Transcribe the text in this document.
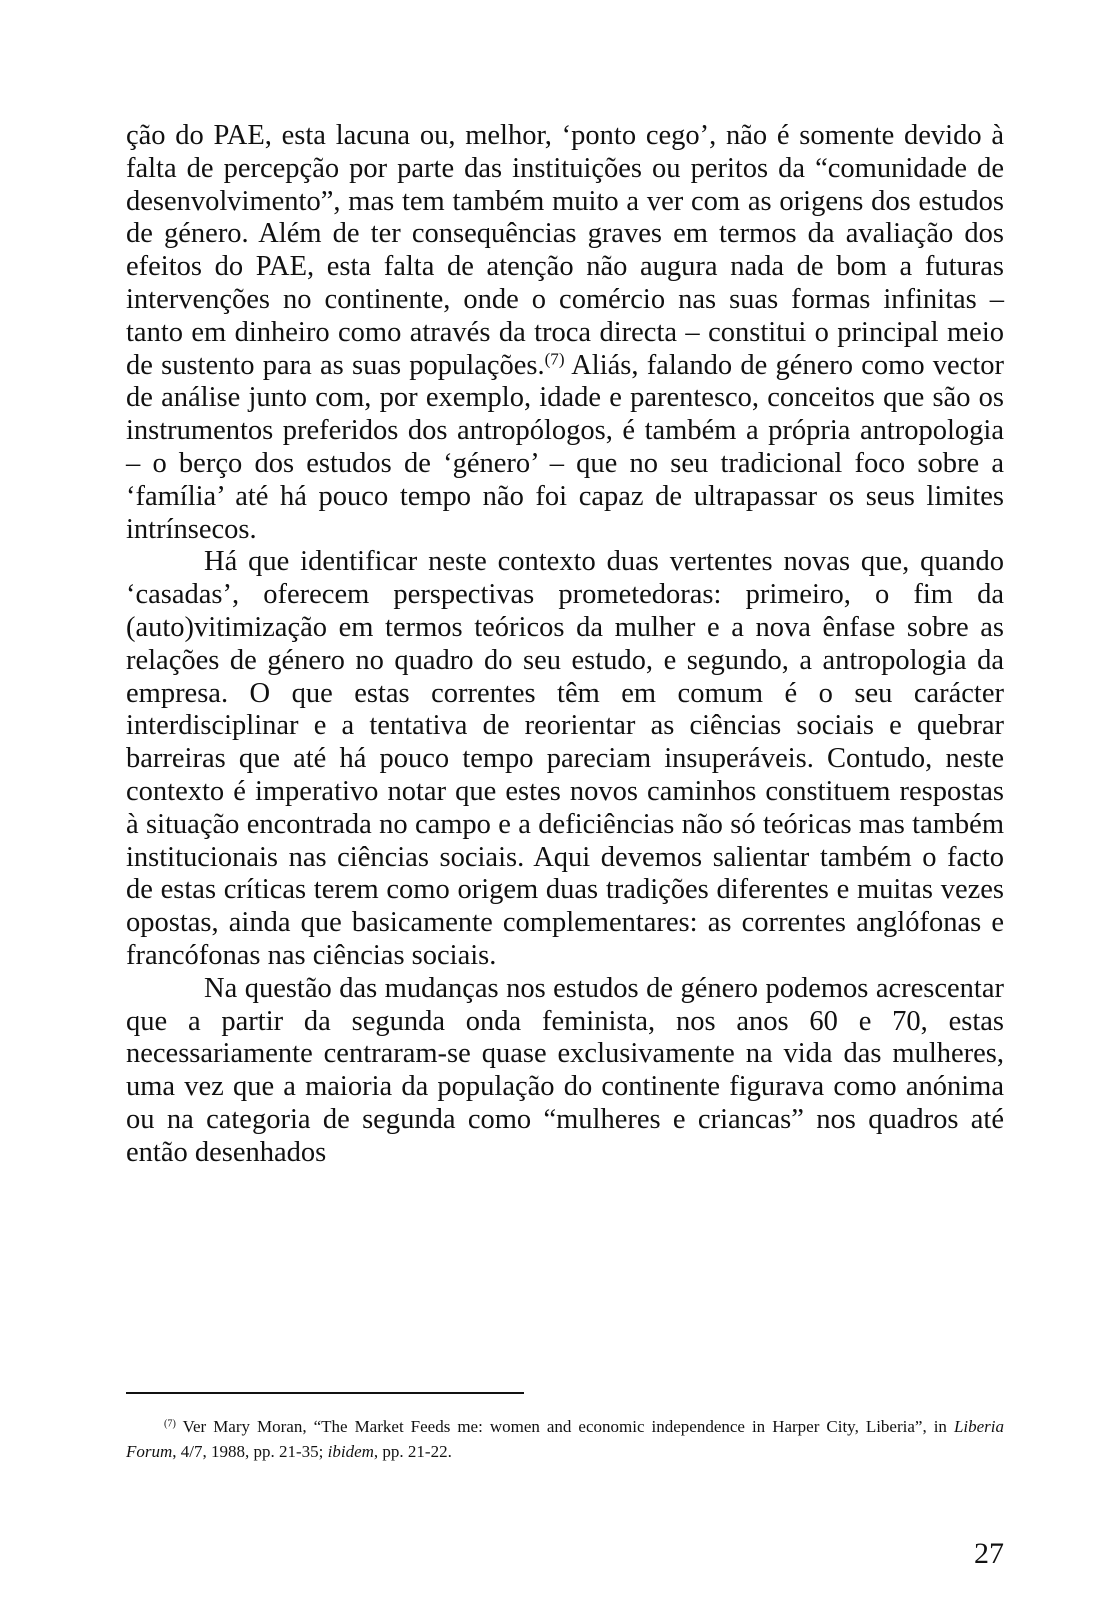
ção do PAE, esta lacuna ou, melhor, ‘ponto cego’, não é somente devido à falta de percepção por parte das instituições ou peritos da “comunidade de desenvolvimento”, mas tem também muito a ver com as origens dos estudos de género. Além de ter consequências graves em termos da avaliação dos efeitos do PAE, esta falta de atenção não augura nada de bom a futuras intervenções no continente, onde o comércio nas suas formas infinitas – tanto em dinheiro como através da troca directa – constitui o principal meio de sustento para as suas populações.$^{(7)}$ Aliás, falando de género como vector de análise junto com, por exemplo, idade e parentesco, conceitos que são os instrumentos preferidos dos antropólogos, é também a própria antropologia – o berço dos estudos de ‘género’ – que no seu tradicional foco sobre a ‘família’ até há pouco tempo não foi capaz de ultrapassar os seus limites intrínsecos.

Há que identificar neste contexto duas vertentes novas que, quando ‘casadas’, oferecem perspectivas prometedoras: primeiro, o fim da (auto)vitimização em termos teóricos da mulher e a nova ênfase sobre as relações de género no quadro do seu estudo, e segundo, a antropologia da empresa. O que estas correntes têm em comum é o seu carácter interdisciplinar e a tentativa de reorientar as ciências sociais e quebrar barreiras que até há pouco tempo pareciam insuperáveis. Contudo, neste contexto é imperativo notar que estes novos caminhos constituem respostas à situação encontrada no campo e a deficiências não só teóricas mas também institucionais nas ciências sociais. Aqui devemos salientar também o facto de estas críticas terem como origem duas tradições diferentes e muitas vezes opostas, ainda que basicamente complementares: as correntes anglófonas e francófonas nas ciências sociais.

Na questão das mudanças nos estudos de género podemos acrescentar que a partir da segunda onda feminista, nos anos 60 e 70, estas necessariamente centraram-se quase exclusivamente na vida das mulheres, uma vez que a maioria da população do continente figurava como anónima ou na categoria de segunda como “mulheres e criancas” nos quadros até então desenhados

$^{(7)}$ Ver Mary Moran, “The Market Feeds me: women and economic independence in Harper City, Liberia”, in Liberia Forum, 4/7, 1988, pp. 21-35; ibidem, pp. 21-22.
27
